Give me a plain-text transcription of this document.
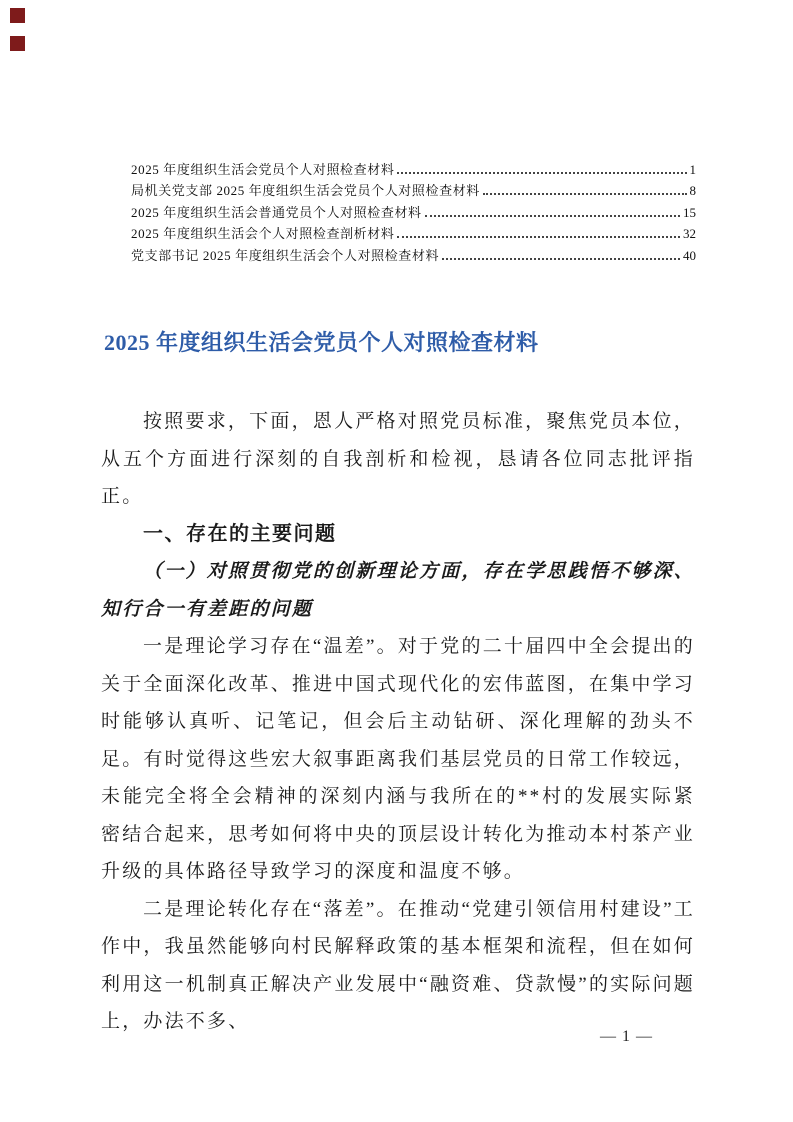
2025 年度组织生活会党员个人对照检查材料	1
局机关党支部 2025 年度组织生活会党员个人对照检查材料	8
2025 年度组织生活会普通党员个人对照检查材料	15
2025 年度组织生活会个人对照检查剖析材料	32
党支部书记 2025 年度组织生活会个人对照检查材料	40
2025 年度组织生活会党员个人对照检查材料

按照要求，下面，恩人严格对照党员标准，聚焦党员本位，从五个方面进行深刻的自我剖析和检视，恳请各位同志批评指正。

一、存在的主要问题

（一）对照贯彻党的创新理论方面，存在学思践悟不够深、知行合一有差距的问题

一是理论学习存在“温差”。对于党的二十届四中全会提出的关于全面深化改革、推进中国式现代化的宏伟蓝图，在集中学习时能够认真听、记笔记，但会后主动钻研、深化理解的劲头不足。有时觉得这些宏大叙事距离我们基层党员的日常工作较远，未能完全将全会精神的深刻内涵与我所在的**村的发展实际紧密结合起来，思考如何将中央的顶层设计转化为推动本村茶产业升级的具体路径导致学习的深度和温度不够。

二是理论转化存在“落差”。在推动“党建引领信用村建设”工作中，我虽然能够向村民解释政策的基本框架和流程，但在如何利用这一机制真正解决产业发展中“融资难、贷款慢”的实际问题上，办法不多、

— 1 —
